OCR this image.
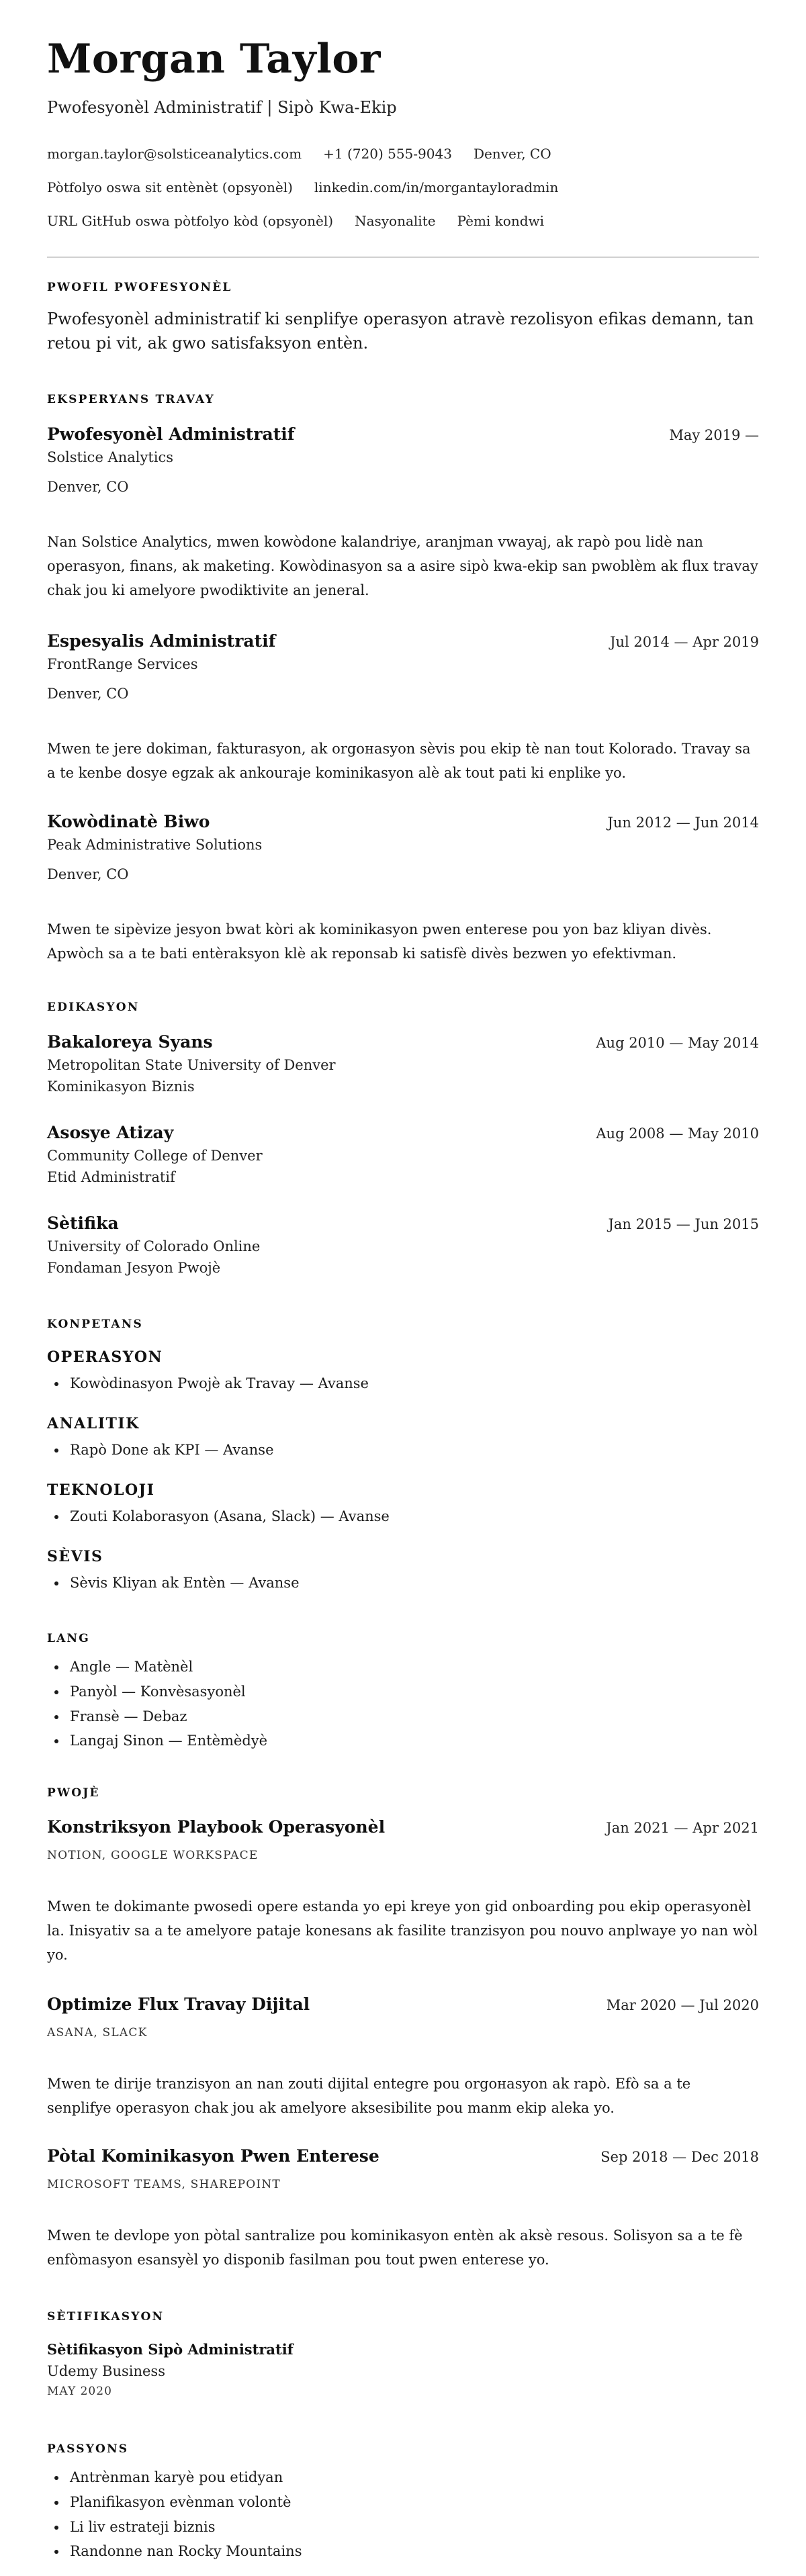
Morgan Taylor
Pwofesyonèl Administratif | Sipò Kwa-Ekip
morgan.taylor@solsticeanalytics.com +1 (720) 555-9043 Denver, CO
Pòtfolyo oswa sit entènèt (opsyonèl) linkedin.com/in/morgantayloradmin
URL GitHub oswa pòtfolyo kòd (opsyonèl) Nasyonalite Pèmi kondwi
PWOFIL PWOFESYONÈL
Pwofesyonèl administratif ki senplifye operasyon atravè rezolisyon efikas demann, tan retou pi vit, ak gwo satisfaksyon entèn.
EKSPERYANS TRAVAY
Pwofesyonèl Administratif	May 2019 —
Solstice Analytics
Denver, CO
Nan Solstice Analytics, mwen kowòdone kalandriye, aranjman vwayaj, ak rapò pou lidè nan operasyon, finans, ak maketing. Kowòdinasyon sa a asire sipò kwa-ekip san pwoblèm ak flux travay chak jou ki amelyore pwodiktivite an jeneral.
Espesyalis Administratif	Jul 2014 — Apr 2019
FrontRange Services
Denver, CO
Mwen te jere dokiman, fakturasyon, ak orgонasyon sèvis pou ekip tè nan tout Kolorado. Travay sa a te kenbe dosye egzak ak ankouraje kominikasyon alè ak tout pati ki enplike yo.
Kowòdinatè Biwo	Jun 2012 — Jun 2014
Peak Administrative Solutions
Denver, CO
Mwen te sipèvize jesyon bwat kòri ak kominikasyon pwen enterese pou yon baz kliyan divès. Apwòch sa a te bati entèraksyon klè ak reponsab ki satisfè divès bezwen yo efektivman.
EDIKASYON
Bakaloreya Syans	Aug 2010 — May 2014
Metropolitan State University of Denver
Kominikasyon Biznis
Asosye Atizay	Aug 2008 — May 2010
Community College of Denver
Etid Administratif
Sètifika	Jan 2015 — Jun 2015
University of Colorado Online
Fondaman Jesyon Pwojè
KONPETANS
OPERASYON
• Kowòdinasyon Pwojè ak Travay — Avanse
ANALITIK
• Rapò Done ak KPI — Avanse
TEKNOLOJI
• Zouti Kolaborasyon (Asana, Slack) — Avanse
SÈVIS
• Sèvis Kliyan ak Entèn — Avanse
LANG
• Angle — Matènèl
• Panyòl — Konvèsasyonèl
• Fransè — Debaz
• Langaj Sinon — Entèmèdyè
PWOJÈ
Konstriksyon Playbook Operasyonèl	Jan 2021 — Apr 2021
NOTION, GOOGLE WORKSPACE
Mwen te dokimante pwosedi opere estanda yo epi kreye yon gid onboarding pou ekip operasyonèl la. Inisyativ sa a te amelyore pataje konesans ak fasilite tranzisyon pou nouvo anplwaye yo nan wòl yo.
Optimize Flux Travay Dijital	Mar 2020 — Jul 2020
ASANA, SLACK
Mwen te dirije tranzisyon an nan zouti dijital entegre pou orgонasyon ak rapò. Efò sa a te senplifye operasyon chak jou ak amelyore aksesibilite pou manm ekip aleka yo.
Pòtal Kominikasyon Pwen Enterese	Sep 2018 — Dec 2018
MICROSOFT TEAMS, SHAREPOINT
Mwen te devlope yon pòtal santralize pou kominikasyon entèn ak aksè resous. Solisyon sa a te fè enfòmasyon esansyèl yo disponib fasilman pou tout pwen enterese yo.
SÈTIFIKASYON
Sètifikasyon Sipò Administratif
Udemy Business
MAY 2020
PASSYONS
• Antrènman karyè pou etidyan
• Planifikasyon evènman volontè
• Li liv estrateji biznis
• Randonne nan Rocky Mountains
